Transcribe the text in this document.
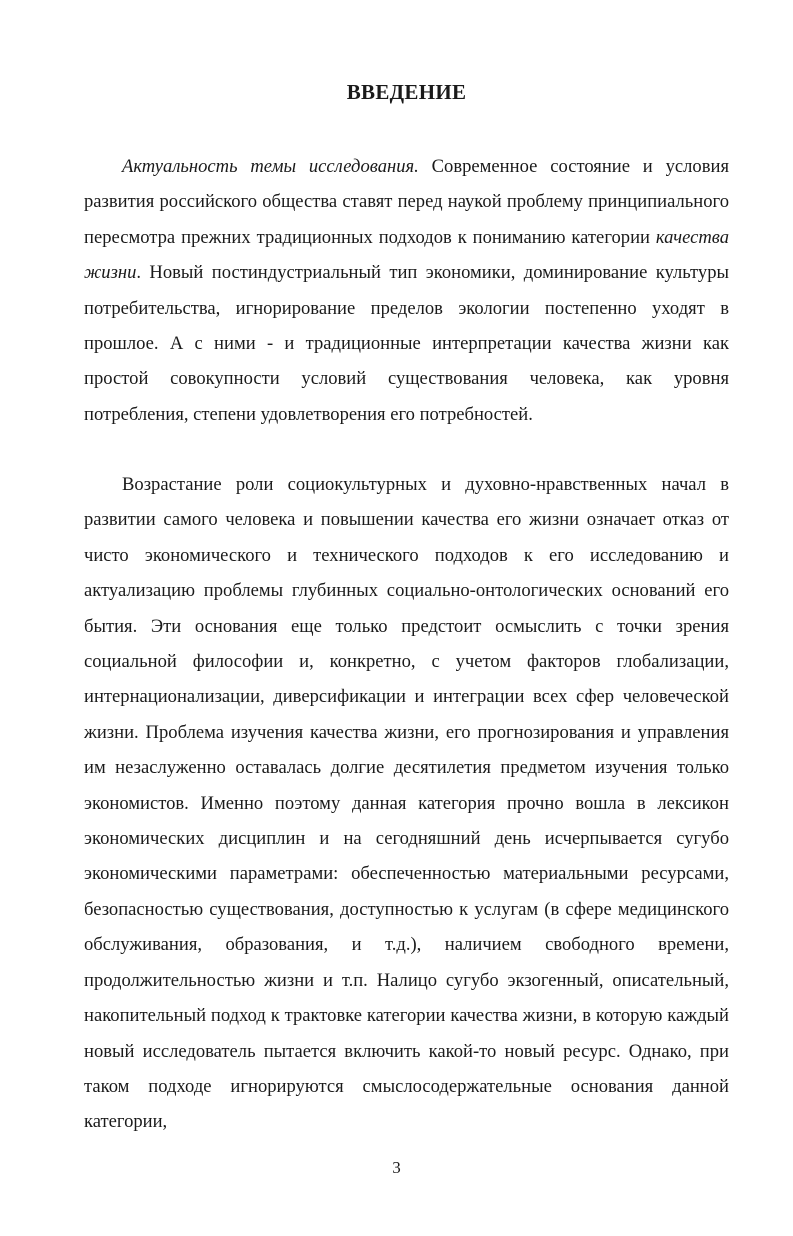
ВВЕДЕНИЕ

Актуальность темы исследования. Современное состояние и условия развития российского общества ставят перед наукой проблему принципиального пересмотра прежних традиционных подходов к пониманию категории качества жизни. Новый постиндустриальный тип экономики, доминирование культуры потребительства, игнорирование пределов экологии постепенно уходят в прошлое. А с ними - и традиционные интерпретации качества жизни как простой совокупности условий существования человека, как уровня потребления, степени удовлетворения его потребностей.

Возрастание роли социокультурных и духовно-нравственных начал в развитии самого человека и повышении качества его жизни означает отказ от чисто экономического и технического подходов к его исследованию и актуализацию проблемы глубинных социально-онтологических оснований его бытия. Эти основания еще только предстоит осмыслить с точки зрения социальной философии и, конкретно, с учетом факторов глобализации, интернационализации, диверсификации и интеграции всех сфер человеческой жизни. Проблема изучения качества жизни, его прогнозирования и управления им незаслуженно оставалась долгие десятилетия предметом изучения только экономистов. Именно поэтому данная категория прочно вошла в лексикон экономических дисциплин и на сегодняшний день исчерпывается сугубо экономическими параметрами: обеспеченностью материальными ресурсами, безопасностью существования, доступностью к услугам (в сфере медицинского обслуживания, образования, и т.д.), наличием свободного времени, продолжительностью жизни и т.п. Налицо сугубо экзогенный, описательный, накопительный подход к трактовке категории качества жизни, в которую каждый новый исследователь пытается включить какой-то новый ресурс. Однако, при таком подходе игнорируются смыслосодержательные основания данной категории,

3
